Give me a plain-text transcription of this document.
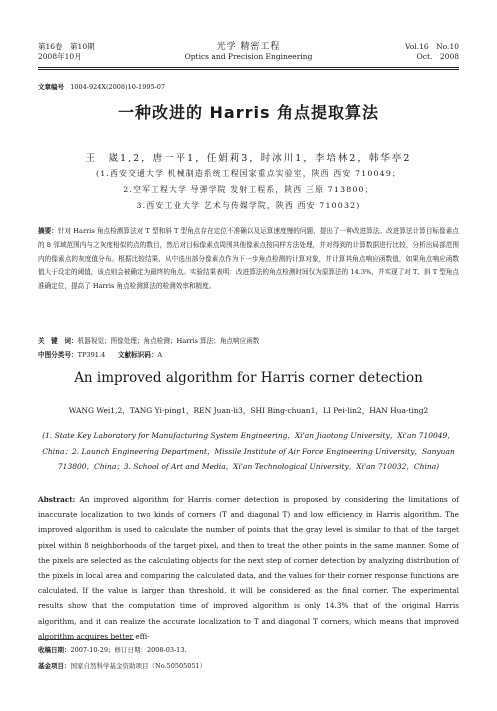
第16卷　第10期
2008年10月
光学 精密工程
Optics and Precision Engineering
Vol.16　No.10
Oct.　2008
文章编号 1004-924X(2008)10-1995-07
一种改进的 Harris 角点提取算法
王　崴1,2，唐一平1，任娟莉3，时冰川1，李培林2，韩华亭2
(1.西安交通大学 机械制造系统工程国家重点实验室，陕西 西安 710049；
2.空军工程大学 导弹学院 发射工程系，陕西 三原 713800；
3.西安工业大学 艺术与传媒学院，陕西 西安 710032)
摘要：针对 Harris 角点检测算法对 T 型和斜 T 型角点存在定位不准确以及运算速度慢的问题，提出了一种改进算法。改进算法计算目标像素点的 8 邻域范围内与之灰度相似的点的数目，然后对目标像素点周围其他像素点按同样方法处理，并对得到的计算数据进行比较，分析出局部范围内的像素点的灰度值分布。根据比较结果，从中选出部分像素点作为下一步角点检测的计算对象，并计算其角点响应函数值，如果角点响应函数值大于设定的阈值，该点则会被确定为最终的角点。实验结果表明：改进算法的角点检测时间仅为原算法的 14.3%，并实现了对 T、斜 T 型角点准确定位，提高了 Harris 角点检测算法的检测效率和精度。
关　键　词：机器视觉；图像处理；角点检测；Harris 算法；角点响应函数
中图分类号：TP391.4 文献标识码：A
An improved algorithm for Harris corner detection
WANG Wei1,2，TANG Yi-ping1，REN Juan-li3，SHI Bing-chuan1，LI Pei-lin2，HAN Hua-ting2
(1. State Key Laboratory for Manufacturing System Engineering，Xi'an Jiaotong University，Xi'an 710049，China；2. Launch Engineering Department，Missile Institute of Air Force Engineering University，Sanyuan 713800，China；3. School of Art and Media，Xi'an Technological University，Xi'an 710032，China)
Abstract: An improved algorithm for Harris corner detection is proposed by considering the limitations of inaccurate localization to two kinds of corners (T and diagonal T) and low efficiency in Harris algorithm. The improved algorithm is used to calculate the number of points that the gray level is similar to that of the target pixel within 8 neighborhoods of the target pixel, and then to treat the other points in the same manner. Some of the pixels are selected as the calculating objects for the next step of corner detection by analyzing distribution of the pixels in local area and comparing the calculated data, and the values for their corner response functions are calculated. If the value is larger than threshold, it will be considered as the final corner. The experimental results show that the computation time of improved algorithm is only 14.3% that of the original Harris algorithm, and it can realize the accurate localization to T and diagonal T corners, which means that improved algorithm acquires better effi-
收稿日期：2007-10-29；修订日期：2008-03-13.
基金项目：国家自然科学基金资助项目（No.50505051）
